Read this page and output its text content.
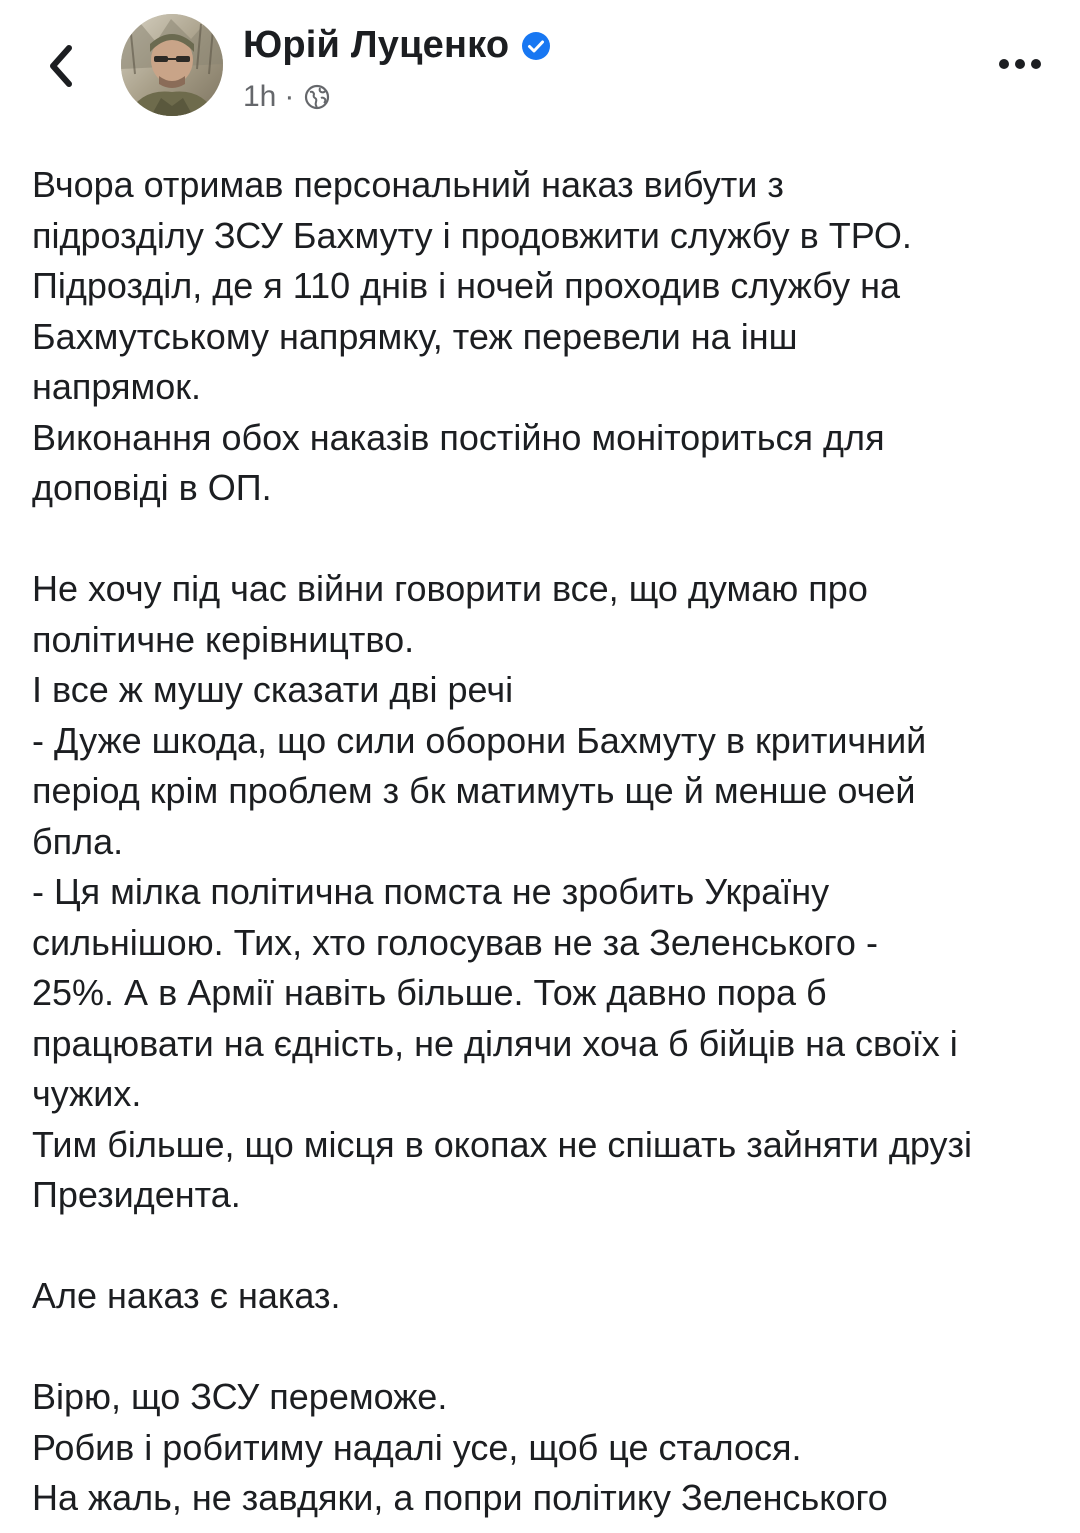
Юрій Луценко
1h ·
Вчора отримав персональний наказ вибути з
підрозділу ЗСУ Бахмуту і продовжити службу в ТРО.
Підрозділ, де я 110 днів і ночей проходив службу на
Бахмутському напрямку, теж перевели на інш
напрямок.
Виконання обох наказів постійно моніториться для
доповіді в ОП.
Не хочу під час війни говорити все, що думаю про
політичне керівництво.
І все ж мушу сказати дві речі
- Дуже шкода, що сили оборони Бахмуту в критичний
період крім проблем з бк матимуть ще й менше очей
бпла.
- Ця мілка політична помста не зробить Україну
сильнішою. Тих, хто голосував не за Зеленського -
25%. А в Армії навіть більше. Тож давно пора б
працювати на єдність, не ділячи хоча б бійців на своїх і
чужих.
Тим більше, що місця в окопах не спішать зайняти друзі
Президента.
Але наказ є наказ.
Вірю, що ЗСУ переможе.
Робив і робитиму надалі усе, щоб це сталося.
На жаль, не завдяки, а попри політику Зеленського
